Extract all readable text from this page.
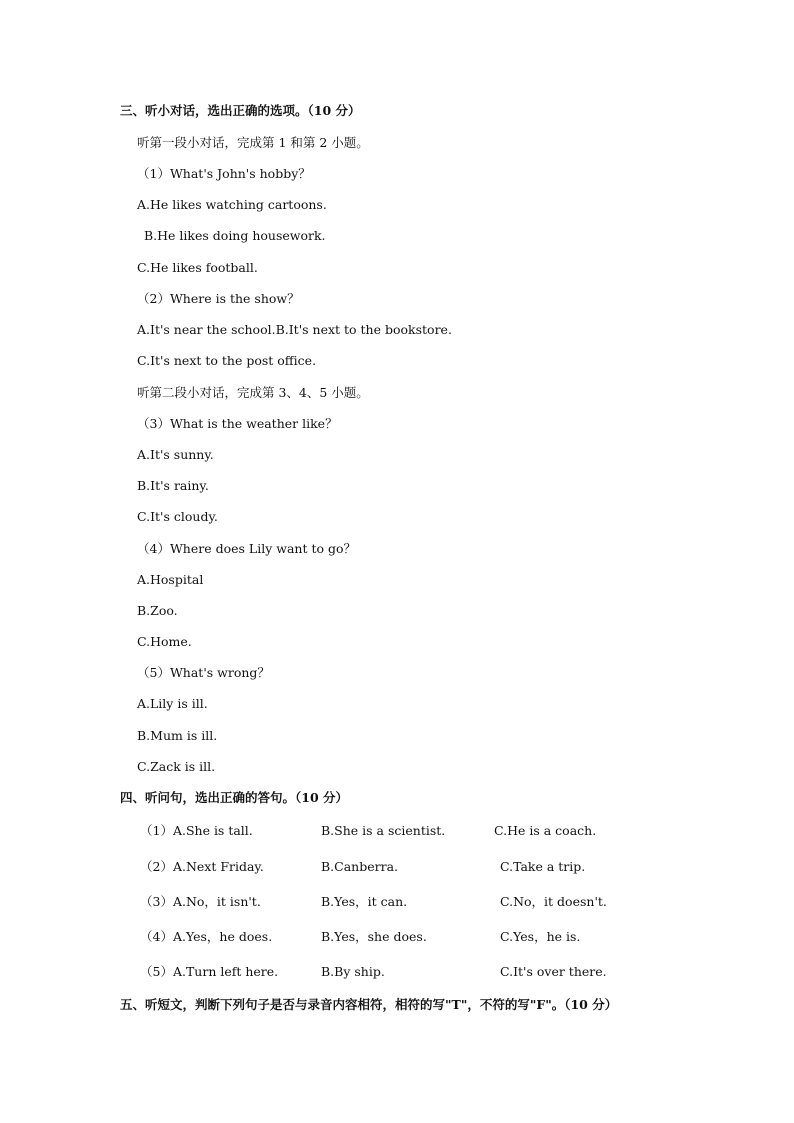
三、听小对话，选出正确的选项。（10 分）
听第一段小对话，完成第 1 和第 2 小题。
（1）What's John's hobby？
A.He likes watching cartoons.
B.He likes doing housework.
C.He likes football.
（2）Where is the show？
A.It's near the school.B.It's next to the bookstore.
C.It's next to the post office.
听第二段小对话，完成第 3、4、5 小题。
（3）What is the weather like？
A.It's sunny.
B.It's rainy.
C.It's cloudy.
（4）Where does Lily want to go？
A.Hospital
B.Zoo.
C.Home.
（5）What's wrong？
A.Lily is ill.
B.Mum is ill.
C.Zack is ill.
四、听问句，选出正确的答句。（10 分）
（1）A.She is tall.	B.She is a scientist.	C.He is a coach.
（2）A.Next Friday.	B.Canberra.	C.Take a trip.
（3）A.No，it isn't.	B.Yes，it can.	C.No，it doesn't.
（4）A.Yes，he does.	B.Yes，she does.	C.Yes，he is.
（5）A.Turn left here.	B.By ship.	C.It's over there.
五、听短文，判断下列句子是否与录音内容相符，相符的写"T"，不符的写"F"。（10 分）
